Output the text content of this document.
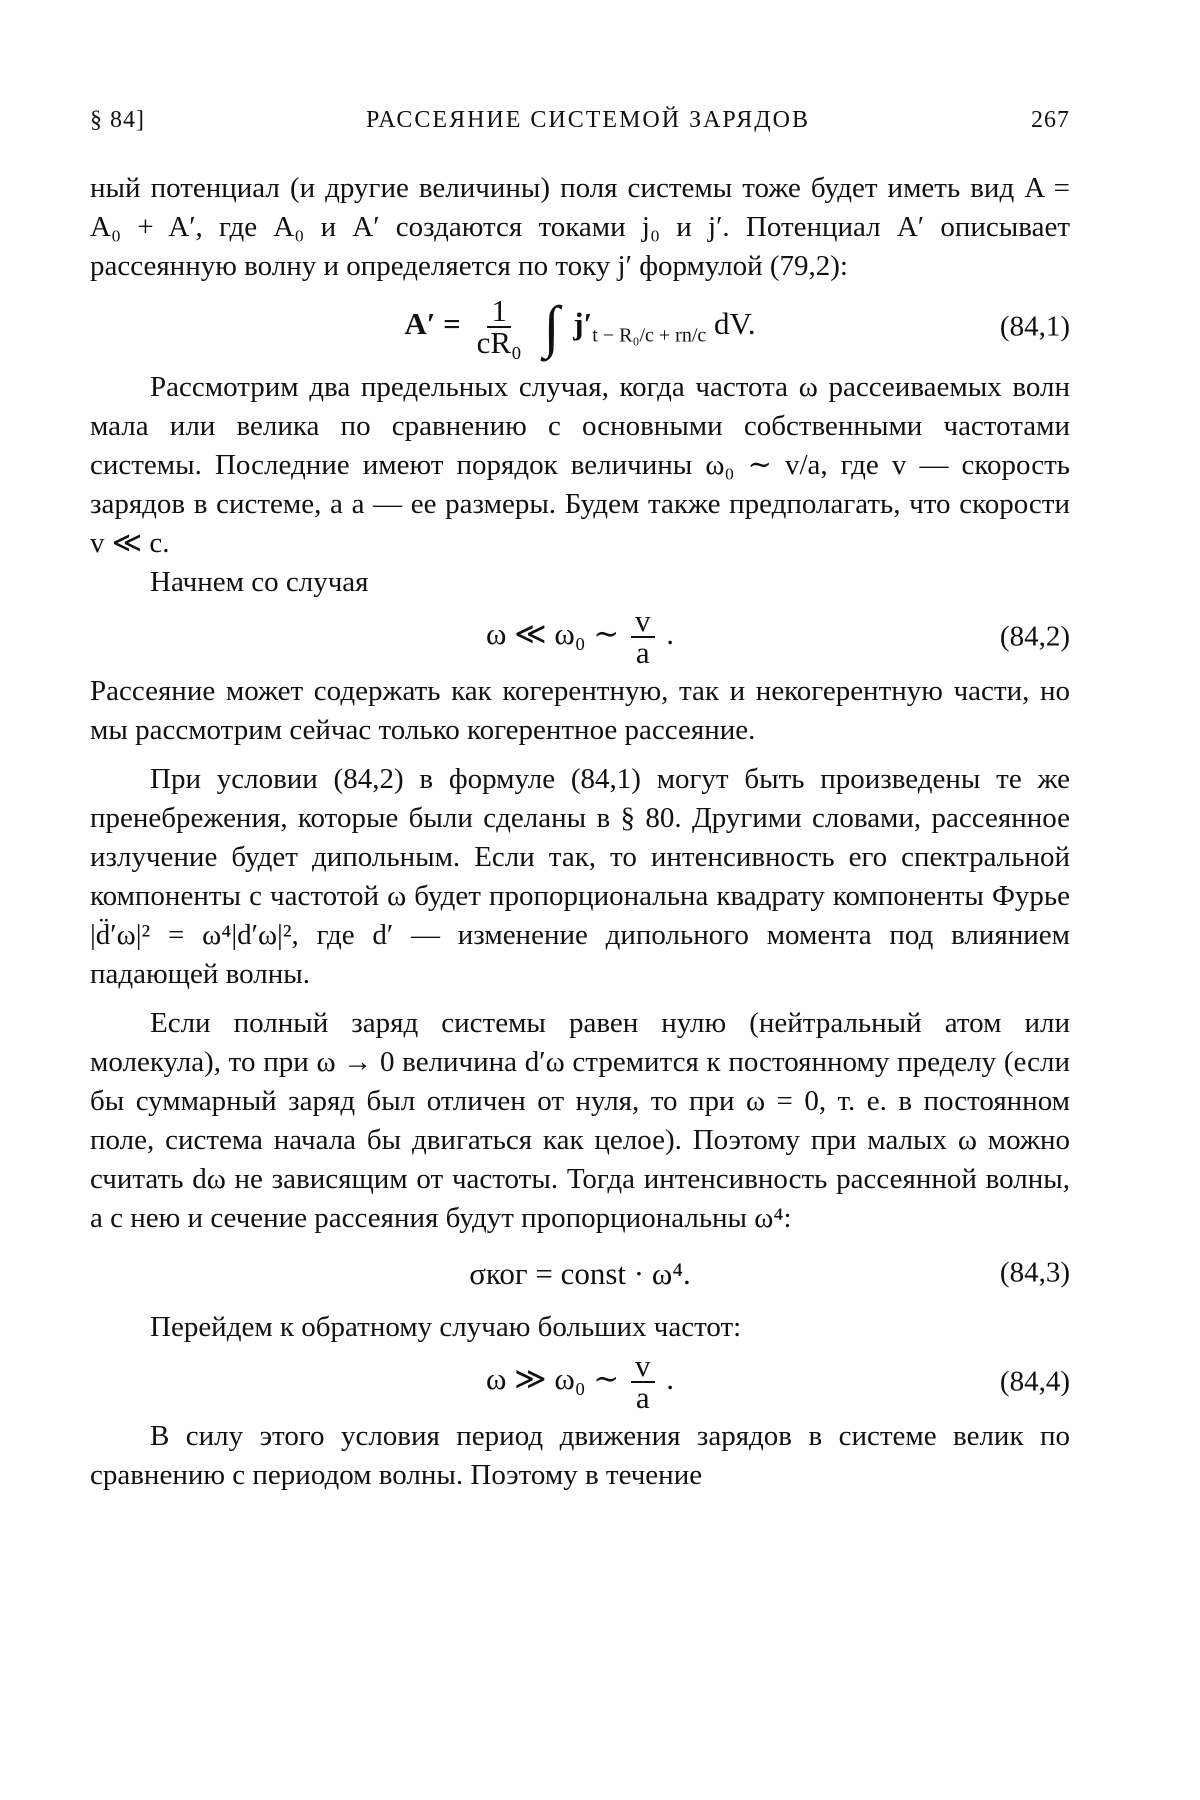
§ 84]	РАССЕЯНИЕ СИСТЕМОЙ ЗАРЯДОВ	267

ный потенциал (и другие величины) поля системы тоже будет иметь вид A = A₀ + A′, где A₀ и A′ создаются токами j₀ и j′. Потенциал A′ описывает рассеянную волну и определяется по току j′ формулой (79,2):

$A' = \frac{1}{\text{cR₀}}$ ∫ $j'_{t - R_0/c + rn/c}$ dV.	(84,1)

Рассмотрим два предельных случая, когда частота ω рассеиваемых волн мала или велика по сравнению с основными собственными частотами системы. Последние имеют порядок величины ω₀ ∼ v/a, где v — скорость зарядов в системе, а a — ее размеры. Будем также предполагать, что скорости v ≪ c.

Начнем со случая

ω ≪ ω₀ ∼ $\frac{v}{a}$ .	(84,2)

Рассеяние может содержать как когерентную, так и некогерентную части, но мы рассмотрим сейчас только когерентное рассеяние.

При условии (84,2) в формуле (84,1) могут быть произведены те же пренебрежения, которые были сделаны в § 80. Другими словами, рассеянное излучение будет дипольным. Если так, то интенсивность его спектральной компоненты с частотой ω будет пропорциональна квадрату компоненты Фурье |d̈′ω|² = ω⁴|d′ω|², где d′ — изменение дипольного момента под влиянием падающей волны.

Если полный заряд системы равен нулю (нейтральный атом или молекула), то при ω → 0 величина d′ω стремится к постоянному пределу (если бы суммарный заряд был отличен от нуля, то при ω = 0, т. е. в постоянном поле, система начала бы двигаться как целое). Поэтому при малых ω можно считать dω не зависящим от частоты. Тогда интенсивность рассеянной волны, а с нею и сечение рассеяния будут пропорциональны ω⁴:

σког = const · ω⁴.	(84,3)

Перейдем к обратному случаю больших частот:

ω ≫ ω₀ ∼ $\frac{v}{a}$ .	(84,4)

В силу этого условия период движения зарядов в системе велик по сравнению с периодом волны. Поэтому в течение
